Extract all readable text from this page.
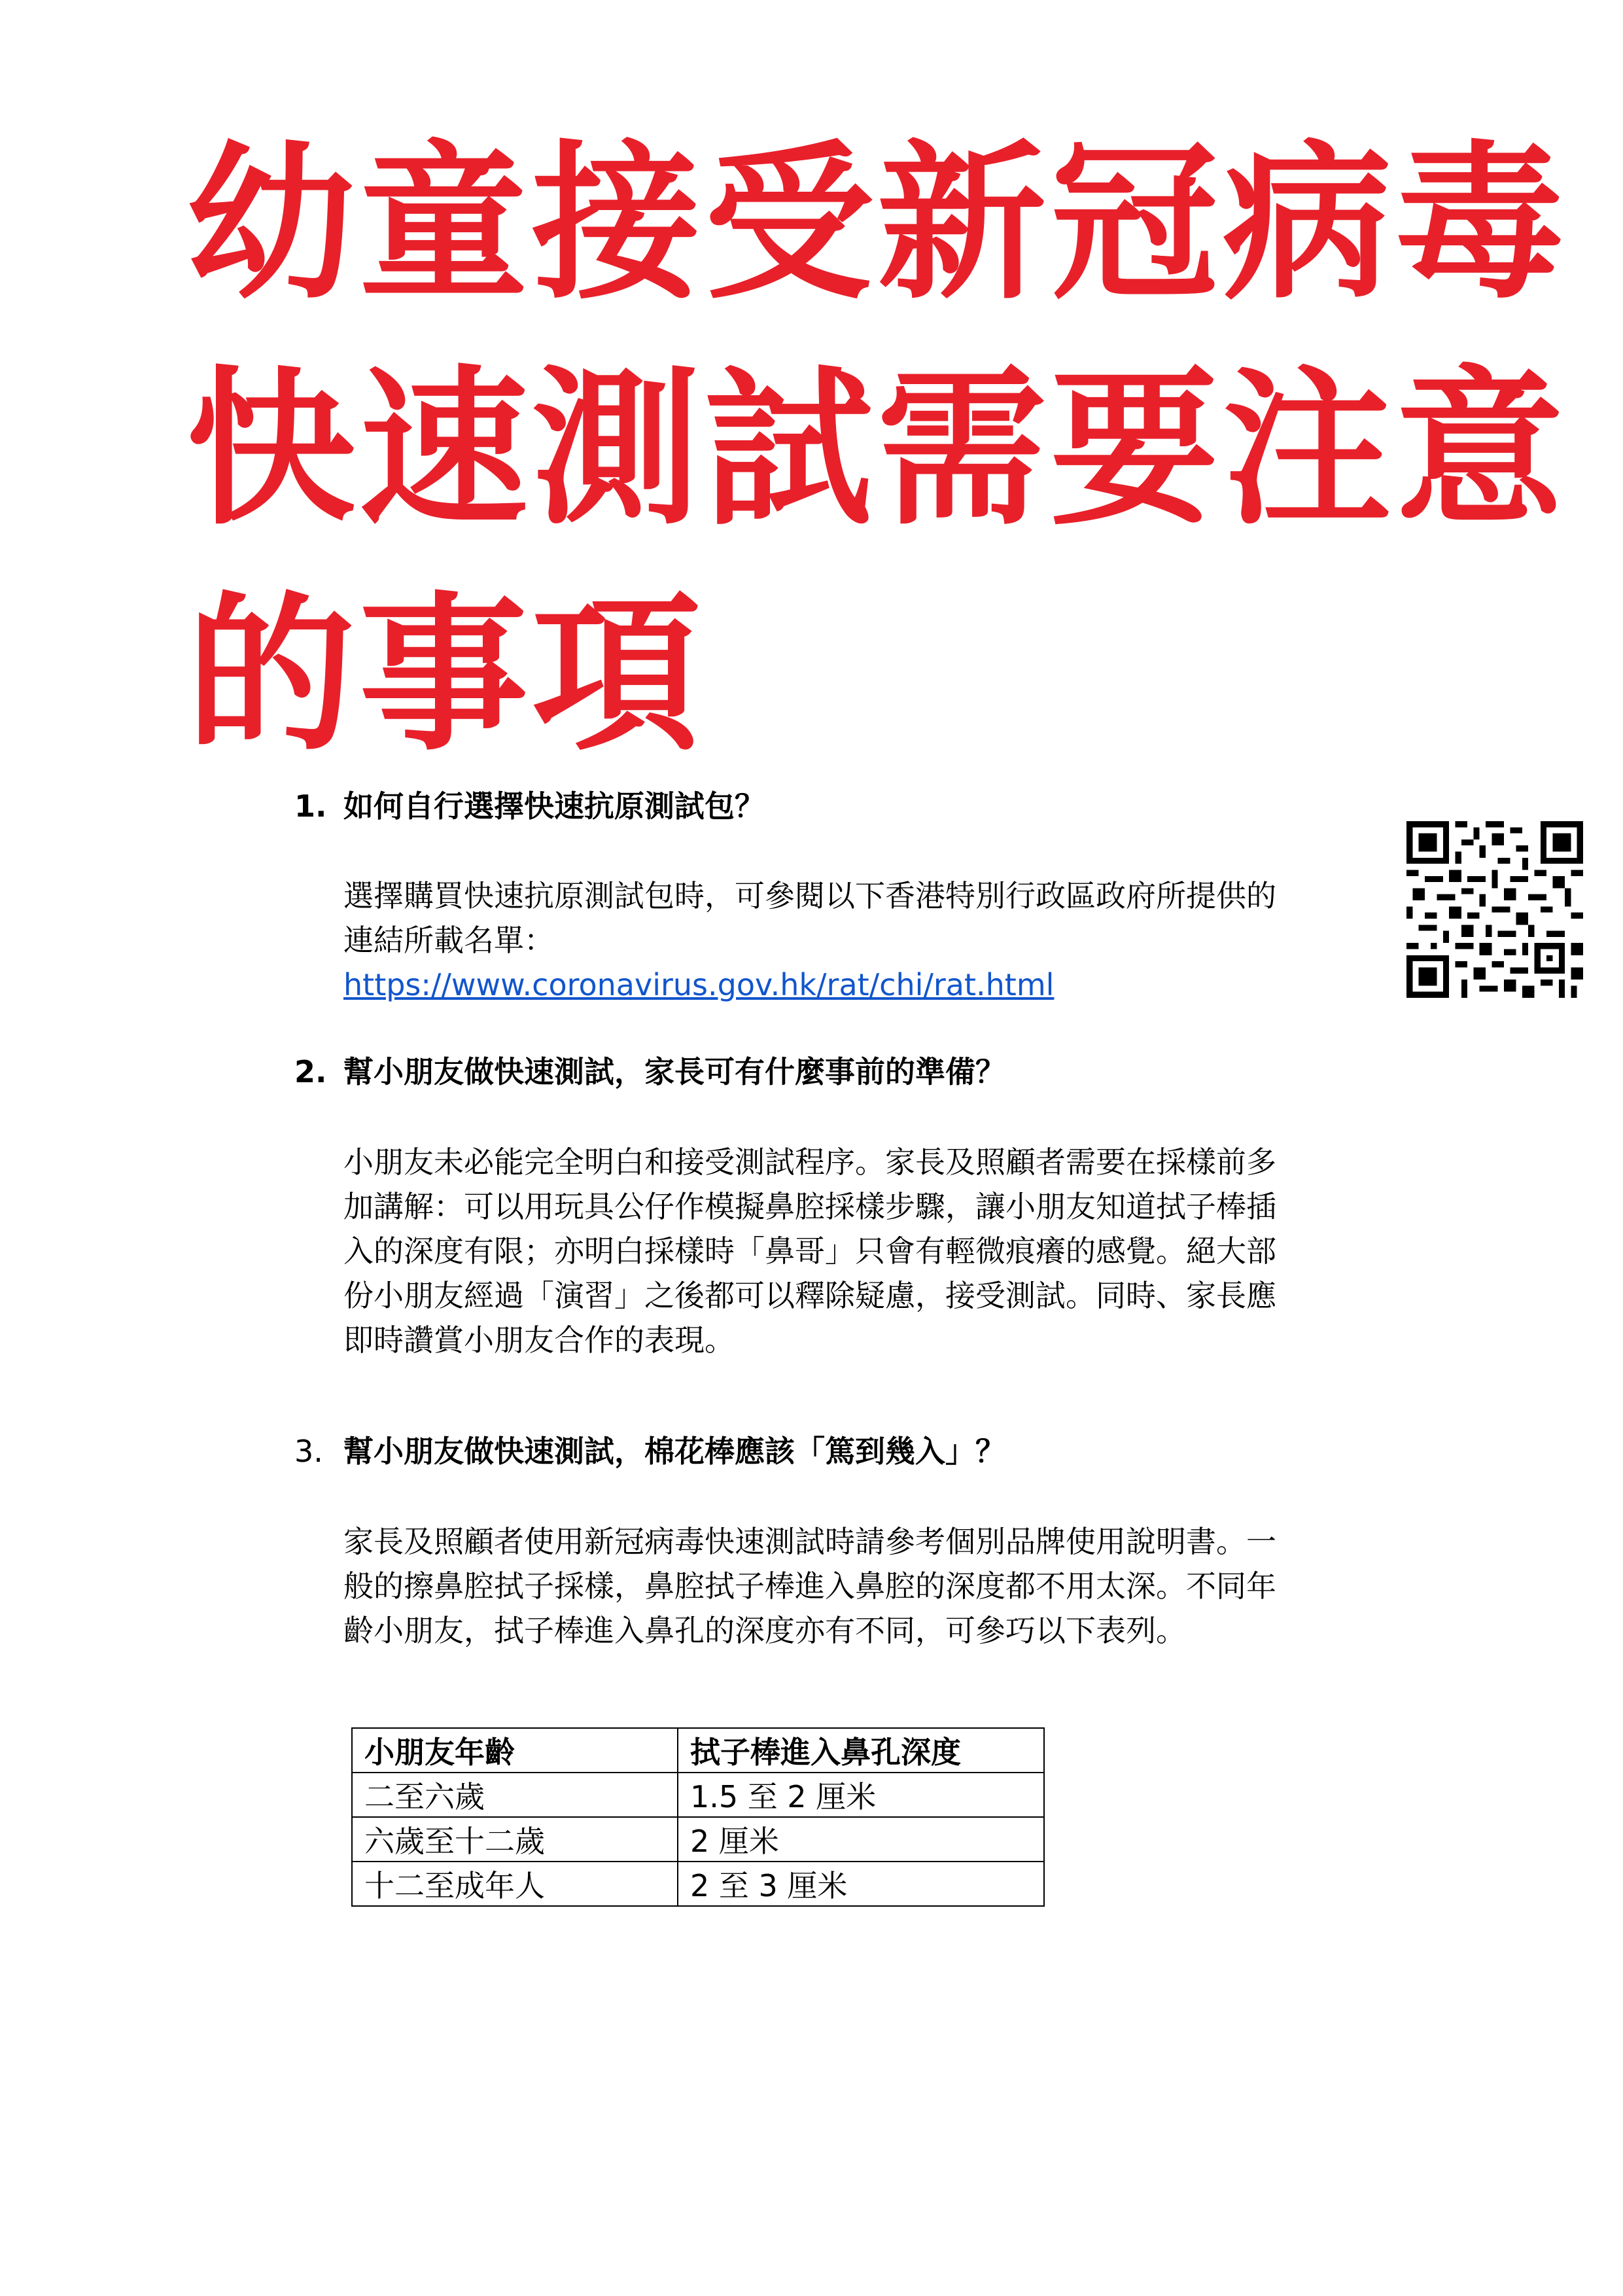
幼童接受新冠病毒
快速測試需要注意
的事項
1. 如何自行選擇快速抗原測試包？
選擇購買快速抗原測試包時，可參閱以下香港特別行政區政府所提供的
連結所載名單：
https://www.coronavirus.gov.hk/rat/chi/rat.html
2. 幫小朋友做快速測試，家長可有什麼事前的準備？
小朋友未必能完全明白和接受測試程序。家長及照顧者需要在採樣前多
加講解：可以用玩具公仔作模擬鼻腔採樣步驟，讓小朋友知道拭子棒插
入的深度有限；亦明白採樣時「鼻哥」只會有輕微痕癢的感覺。絕大部
份小朋友經過「演習」之後都可以釋除疑慮，接受測試。同時、家長應
即時讚賞小朋友合作的表現。
3. 幫小朋友做快速測試，棉花棒應該「篤到幾入」？
家長及照顧者使用新冠病毒快速測試時請參考個別品牌使用說明書。一
般的擦鼻腔拭子採樣，鼻腔拭子棒進入鼻腔的深度都不用太深。不同年
齡小朋友，拭子棒進入鼻孔的深度亦有不同，可參巧以下表列。
小朋友年齡	拭子棒進入鼻孔深度
二至六歲	1.5 至 2 厘米
六歲至十二歲	2 厘米
十二至成年人	2 至 3 厘米
